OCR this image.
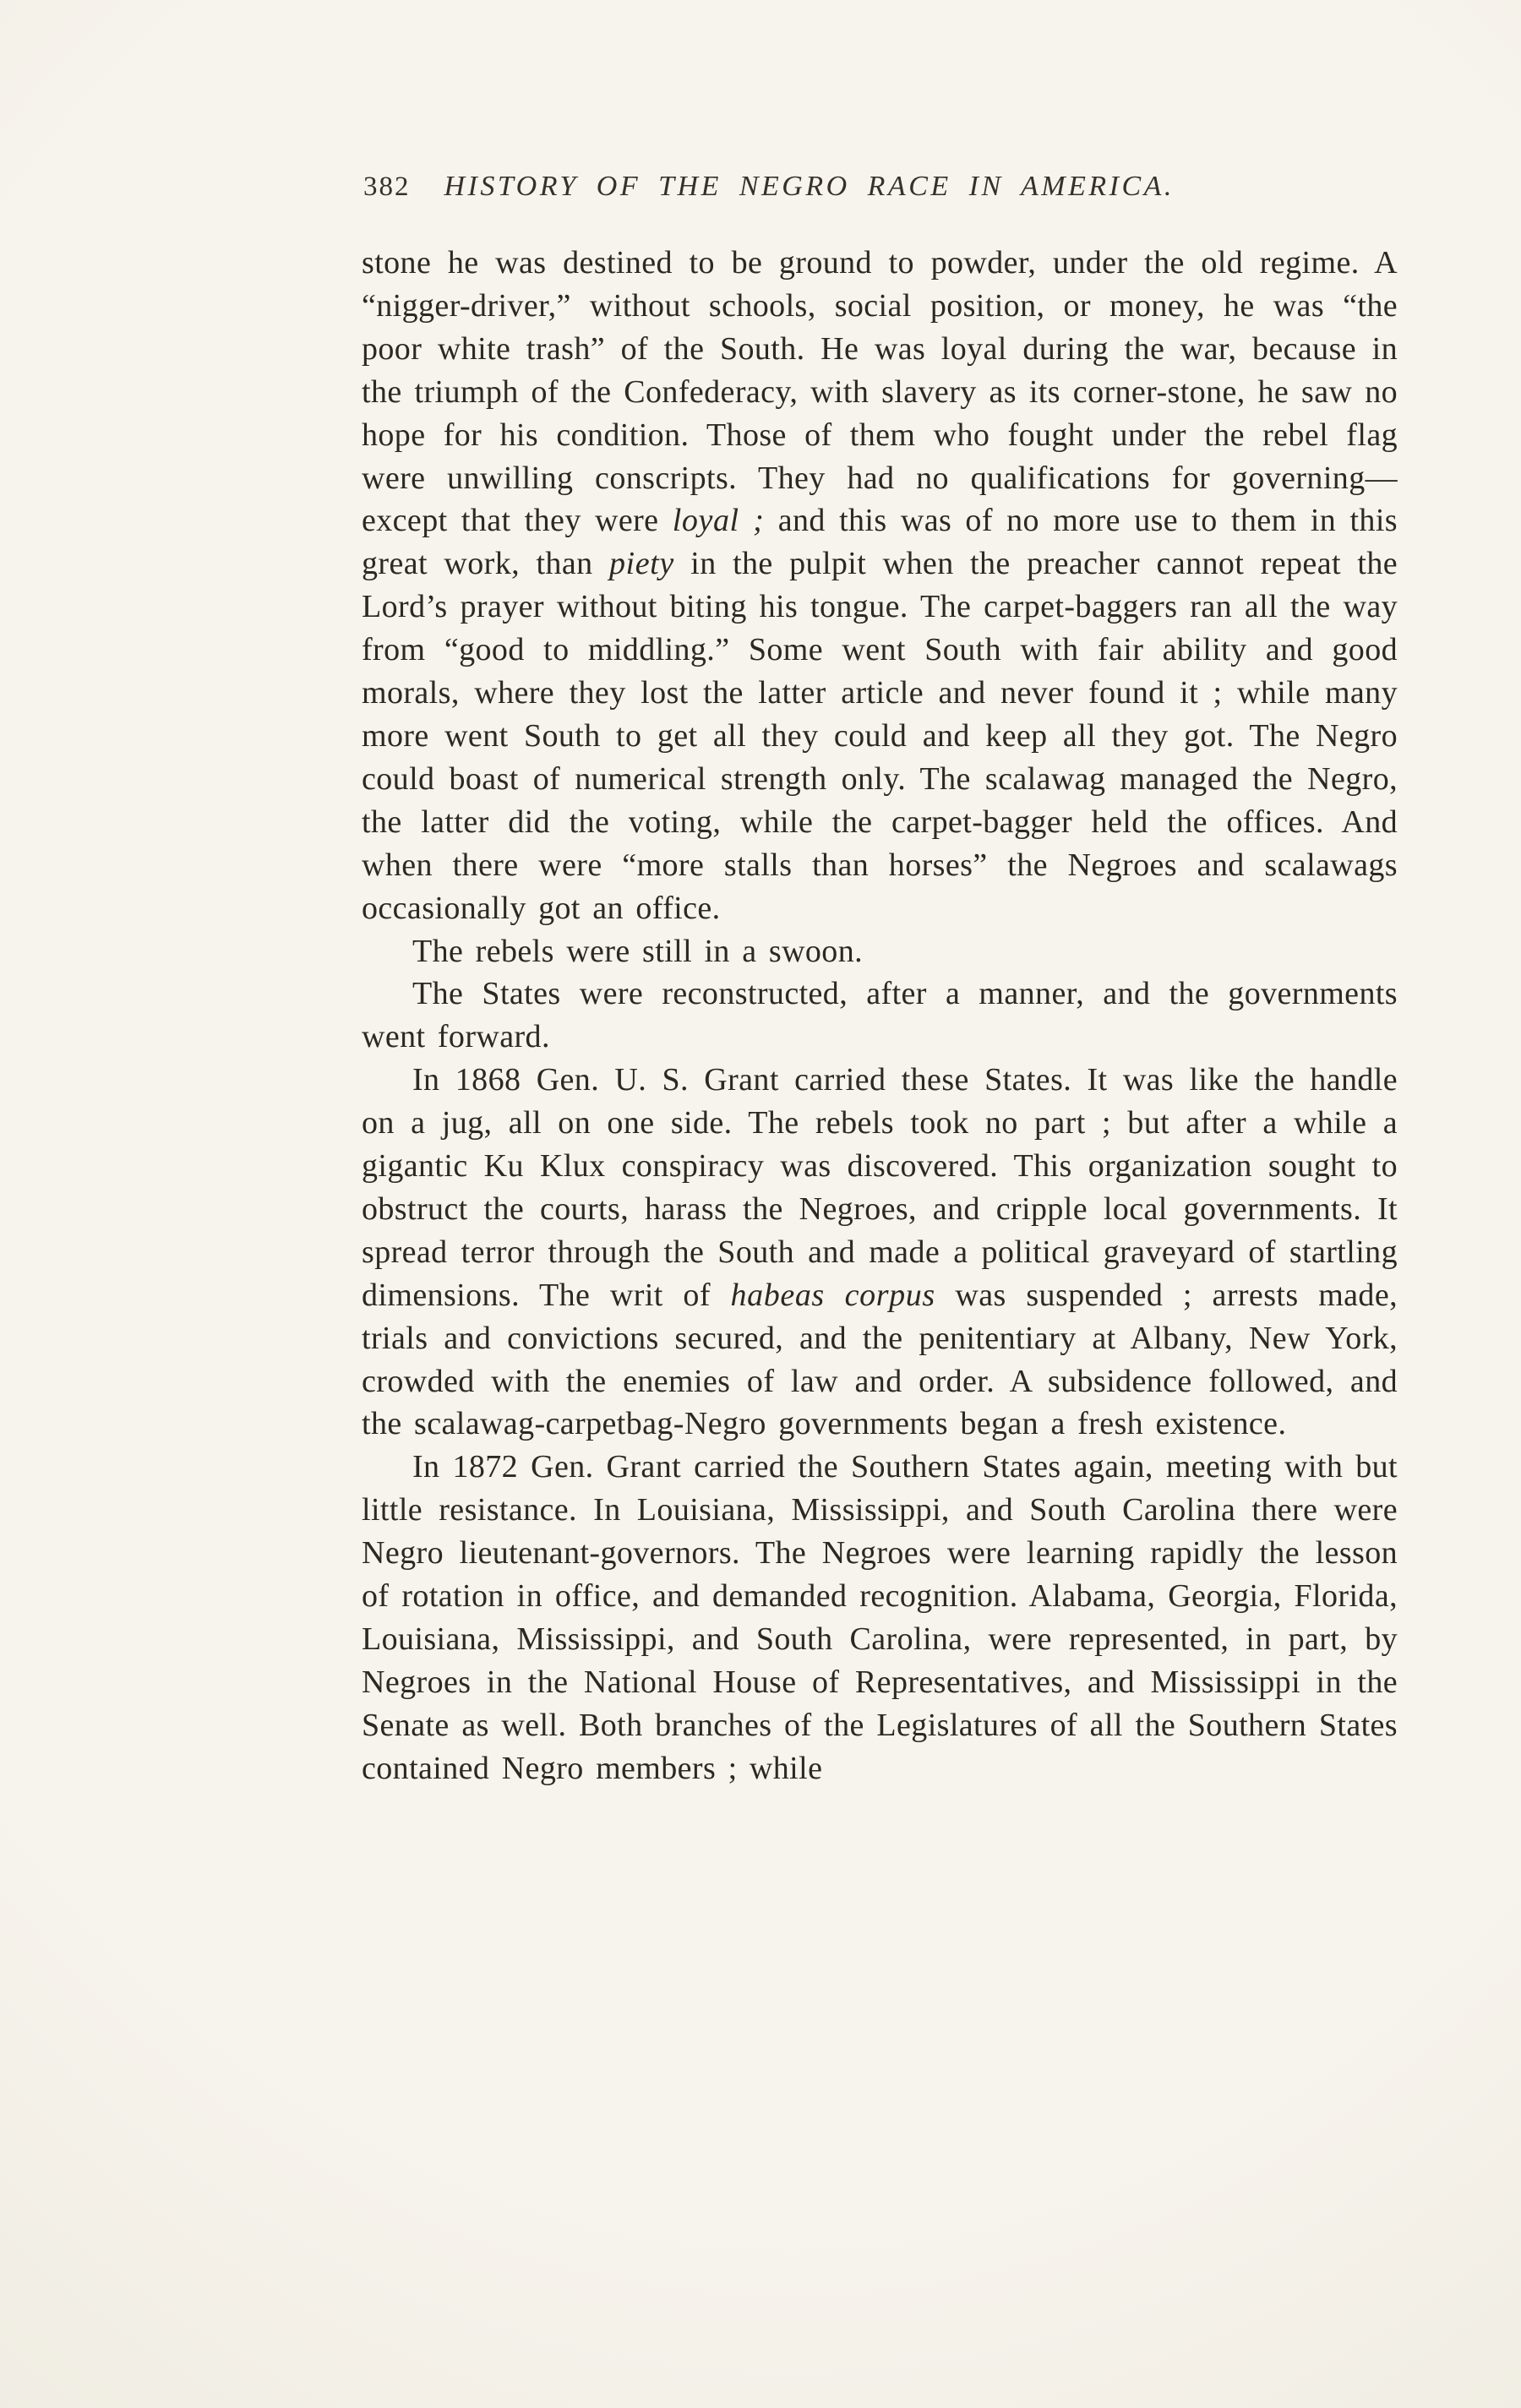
382 HISTORY OF THE NEGRO RACE IN AMERICA.

stone he was destined to be ground to powder, under the old regime. A “nigger-driver,” without schools, social position, or money, he was “the poor white trash” of the South. He was loyal during the war, because in the triumph of the Confederacy, with slavery as its corner-stone, he saw no hope for his condition. Those of them who fought under the rebel flag were unwilling conscripts. They had no qualifications for governing—except that they were loyal ; and this was of no more use to them in this great work, than piety in the pulpit when the preacher cannot repeat the Lord’s prayer without biting his tongue. The carpet-baggers ran all the way from “good to middling.” Some went South with fair ability and good morals, where they lost the latter article and never found it ; while many more went South to get all they could and keep all they got. The Negro could boast of numerical strength only. The scalawag managed the Negro, the latter did the voting, while the carpet-bagger held the offices. And when there were “more stalls than horses” the Negroes and scalawags occasionally got an office.

The rebels were still in a swoon.

The States were reconstructed, after a manner, and the governments went forward.

In 1868 Gen. U. S. Grant carried these States. It was like the handle on a jug, all on one side. The rebels took no part ; but after a while a gigantic Ku Klux conspiracy was discovered. This organization sought to obstruct the courts, harass the Negroes, and cripple local governments. It spread terror through the South and made a political graveyard of startling dimensions. The writ of habeas corpus was suspended ; arrests made, trials and convictions secured, and the penitentiary at Albany, New York, crowded with the enemies of law and order. A subsidence followed, and the scalawag-carpetbag-Negro governments began a fresh existence.

In 1872 Gen. Grant carried the Southern States again, meeting with but little resistance. In Louisiana, Mississippi, and South Carolina there were Negro lieutenant-governors. The Negroes were learning rapidly the lesson of rotation in office, and demanded recognition. Alabama, Georgia, Florida, Louisiana, Mississippi, and South Carolina, were represented, in part, by Negroes in the National House of Representatives, and Mississippi in the Senate as well. Both branches of the Legislatures of all the Southern States contained Negro members ; while
